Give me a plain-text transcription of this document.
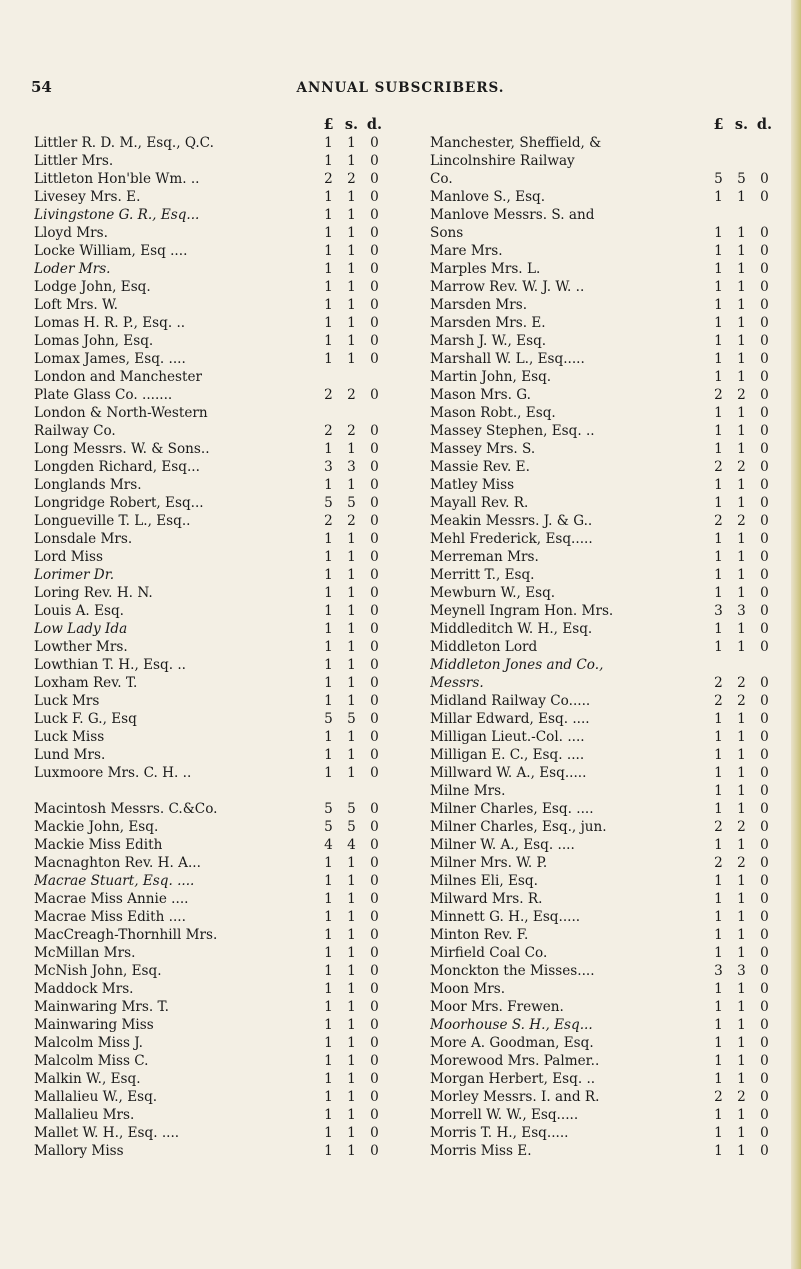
54	ANNUAL SUBSCRIBERS.
£ s. d.
Littler R. D. M., Esq., Q.C.	1	1	0
Littler Mrs.	1	1	0
Littleton Hon'ble Wm. ..	2	2	0
Livesey Mrs. E.	1	1	0
Livingstone G. R., Esq...	1	1	0
Lloyd Mrs.	1	1	0
Locke William, Esq ....	1	1	0
Loder Mrs.	1	1	0
Lodge John, Esq.	1	1	0
Loft Mrs. W.	1	1	0
Lomas H. R. P., Esq. ..	1	1	0
Lomas John, Esq.	1	1	0
Lomax James, Esq. ....	1	1	0
London and Manchester
Plate Glass Co. .......	2	2	0
London & North-Western
Railway Co.	2	2	0
Long Messrs. W. & Sons..	1	1	0
Longden Richard, Esq...	3	3	0
Longlands Mrs.	1	1	0
Longridge Robert, Esq...	5	5	0
Longueville T. L., Esq..	2	2	0
Lonsdale Mrs.	1	1	0
Lord Miss	1	1	0
Lorimer Dr.	1	1	0
Loring Rev. H. N.	1	1	0
Louis A. Esq.	1	1	0
Low Lady Ida	1	1	0
Lowther Mrs.	1	1	0
Lowthian T. H., Esq. ..	1	1	0
Loxham Rev. T.	1	1	0
Luck Mrs	1	1	0
Luck F. G., Esq	5	5	0
Luck Miss	1	1	0
Lund Mrs.	1	1	0
Luxmoore Mrs. C. H. ..	1	1	0
Macintosh Messrs. C.&Co.	5	5	0
Mackie John, Esq.	5	5	0
Mackie Miss Edith	4	4	0
Macnaghton Rev. H. A...	1	1	0
Macrae Stuart, Esq. ....	1	1	0
Macrae Miss Annie ....	1	1	0
Macrae Miss Edith ....	1	1	0
MacCreagh-Thornhill Mrs.	1	1	0
McMillan Mrs.	1	1	0
McNish John, Esq.	1	1	0
Maddock Mrs.	1	1	0
Mainwaring Mrs. T.	1	1	0
Mainwaring Miss	1	1	0
Malcolm Miss J.	1	1	0
Malcolm Miss C.	1	1	0
Malkin W., Esq.	1	1	0
Mallalieu W., Esq.	1	1	0
Mallalieu Mrs.	1	1	0
Mallet W. H., Esq. ....	1	1	0
Mallory Miss	1	1	0
£ s. d.
Manchester, Sheffield, &
Lincolnshire Railway
Co.	5	5	0
Manlove S., Esq.	1	1	0
Manlove Messrs. S. and
Sons	1	1	0
Mare Mrs.	1	1	0
Marples Mrs. L.	1	1	0
Marrow Rev. W. J. W. ..	1	1	0
Marsden Mrs.	1	1	0
Marsden Mrs. E.	1	1	0
Marsh J. W., Esq.	1	1	0
Marshall W. L., Esq.....	1	1	0
Martin John, Esq.	1	1	0
Mason Mrs. G.	2	2	0
Mason Robt., Esq.	1	1	0
Massey Stephen, Esq. ..	1	1	0
Massey Mrs. S.	1	1	0
Massie Rev. E.	2	2	0
Matley Miss	1	1	0
Mayall Rev. R.	1	1	0
Meakin Messrs. J. & G..	2	2	0
Mehl Frederick, Esq.....	1	1	0
Merreman Mrs.	1	1	0
Merritt T., Esq.	1	1	0
Mewburn W., Esq.	1	1	0
Meynell Ingram Hon. Mrs.	3	3	0
Middleditch W. H., Esq.	1	1	0
Middleton Lord	1	1	0
Middleton Jones and Co.,
Messrs.	2	2	0
Midland Railway Co.....	2	2	0
Millar Edward, Esq. ....	1	1	0
Milligan Lieut.-Col. ....	1	1	0
Milligan E. C., Esq. ....	1	1	0
Millward W. A., Esq.....	1	1	0
Milne Mrs.	1	1	0
Milner Charles, Esq. ....	1	1	0
Milner Charles, Esq., jun.	2	2	0
Milner W. A., Esq. ....	1	1	0
Milner Mrs. W. P.	2	2	0
Milnes Eli, Esq.	1	1	0
Milward Mrs. R.	1	1	0
Minnett G. H., Esq.....	1	1	0
Minton Rev. F.	1	1	0
Mirfield Coal Co.	1	1	0
Monckton the Misses....	3	3	0
Moon Mrs.	1	1	0
Moor Mrs. Frewen.	1	1	0
Moorhouse S. H., Esq...	1	1	0
More A. Goodman, Esq.	1	1	0
Morewood Mrs. Palmer..	1	1	0
Morgan Herbert, Esq. ..	1	1	0
Morley Messrs. I. and R.	2	2	0
Morrell W. W., Esq.....	1	1	0
Morris T. H., Esq.....	1	1	0
Morris Miss E.	1	1	0
